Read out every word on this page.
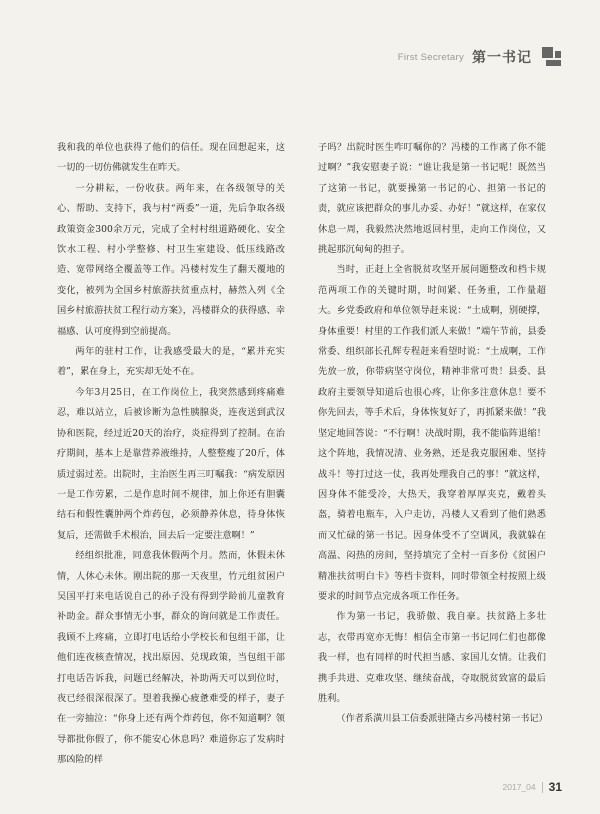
First Secretary 第一书记

我和我的单位也获得了他们的信任。现在回想起来，这一切的一切仿佛就发生在昨天。

一分耕耘，一份收获。两年来，在各级领导的关心、帮助、支持下，我与村“两委”一道，先后争取各级政策资金300余万元，完成了全村村组道路硬化、安全饮水工程、村小学整修、村卫生室建设、低压线路改造、宽带网络全覆盖等工作。冯楼村发生了翻天覆地的变化，被列为全国乡村旅游扶贫重点村，赫然入列《全国乡村旅游扶贫工程行动方案》，冯楼群众的获得感、幸福感、认可度得到空前提高。

两年的驻村工作，让我感受最大的是，“累并充实着”，累在身上，充实却无处不在。

今年3月25日，在工作岗位上，我突然感到疼痛难忍，难以站立，后被诊断为急性胰腺炎，连夜送到武汉协和医院，经过近20天的治疗，炎症得到了控制。在治疗期间，基本上是靠营养液维持，人整整瘦了20斤，体质过弱过差。出院时，主治医生再三叮嘱我：“病发原因一是工作劳累，二是作息时间不规律，加上你还有胆囊结石和假性囊肿两个炸药包，必须静养休息，待身体恢复后，还需做手术根治，回去后一定要注意啊！”

经组织批准，同意我休假两个月。然而，休假未休情，人休心未休。刚出院的那一天夜里，竹元组贫困户吴国平打来电话说自己的孙子没有得到学龄前儿童教育补助金。群众事情无小事，群众的询问就是工作责任。我顾不上疼痛，立即打电话给小学校长和包组干部，让他们连夜核查情况，找出原因、兑现政策，当包组干部打电话告诉我，问题已经解决，补助两天可以到位时，夜已经很深很深了。望着我操心疲惫难受的样子，妻子在一旁抽泣：“你身上还有两个炸药包，你不知道啊？领导都批你假了，你不能安心休息吗？难道你忘了发病时那凶险的样

子吗？出院时医生咋叮嘱你的？冯楼的工作离了你不能过啊？”我安慰妻子说：“谁让我是第一书记呢！既然当了这第一书记，就要操第一书记的心、担第一书记的责，就应该把群众的事儿办妥、办好！”就这样，在家仅休息一周，我毅然决然地返回村里，走向工作岗位，又挑起那沉甸甸的担子。

当时，正赶上全省脱贫攻坚开展问题整改和档卡规范两项工作的关键时期，时间紧、任务重，工作量超大。乡党委政府和单位领导赶来说：“土成啊，别硬撑，身体重要！村里的工作我们派人来做！”端午节前，县委常委、组织部长孔辉专程赶来看望时说：“土成啊，工作先放一放，你带病坚守岗位，精神非常可贵！县委、县政府主要领导知道后也很心疼，让你多注意休息！要不你先回去，等手术后，身体恢复好了，再抓紧来做！”我坚定地回答说：“不行啊！决战时期，我不能临阵退缩！这个阵地，我情况清、业务熟，还是我克服困难、坚持战斗！等打过这一仗，我再处理我自己的事！”就这样，因身体不能受冷，大热天，我穿着厚厚夹克，戴着头盔，骑着电瓶车，入户走访，冯楼人又看到了他们熟悉而又忙碌的第一书记。因身体受不了空调风，我就躲在高温、闷热的房间，坚持填完了全村一百多份《贫困户精准扶贫明白卡》等档卡资料，同时带领全村按照上级要求的时间节点完成各项工作任务。

作为第一书记，我骄傲、我自豪。扶贫路上多壮志，衣带再宽亦无悔！相信全市第一书记同仁们也都像我一样，也有同样的时代担当感、家国儿女情。让我们携手共进、克难攻坚、继续奋战，夺取脱贫致富的最后胜利。

（作者系潢川县工信委派驻隆古乡冯楼村第一书记）

2017_04 31
